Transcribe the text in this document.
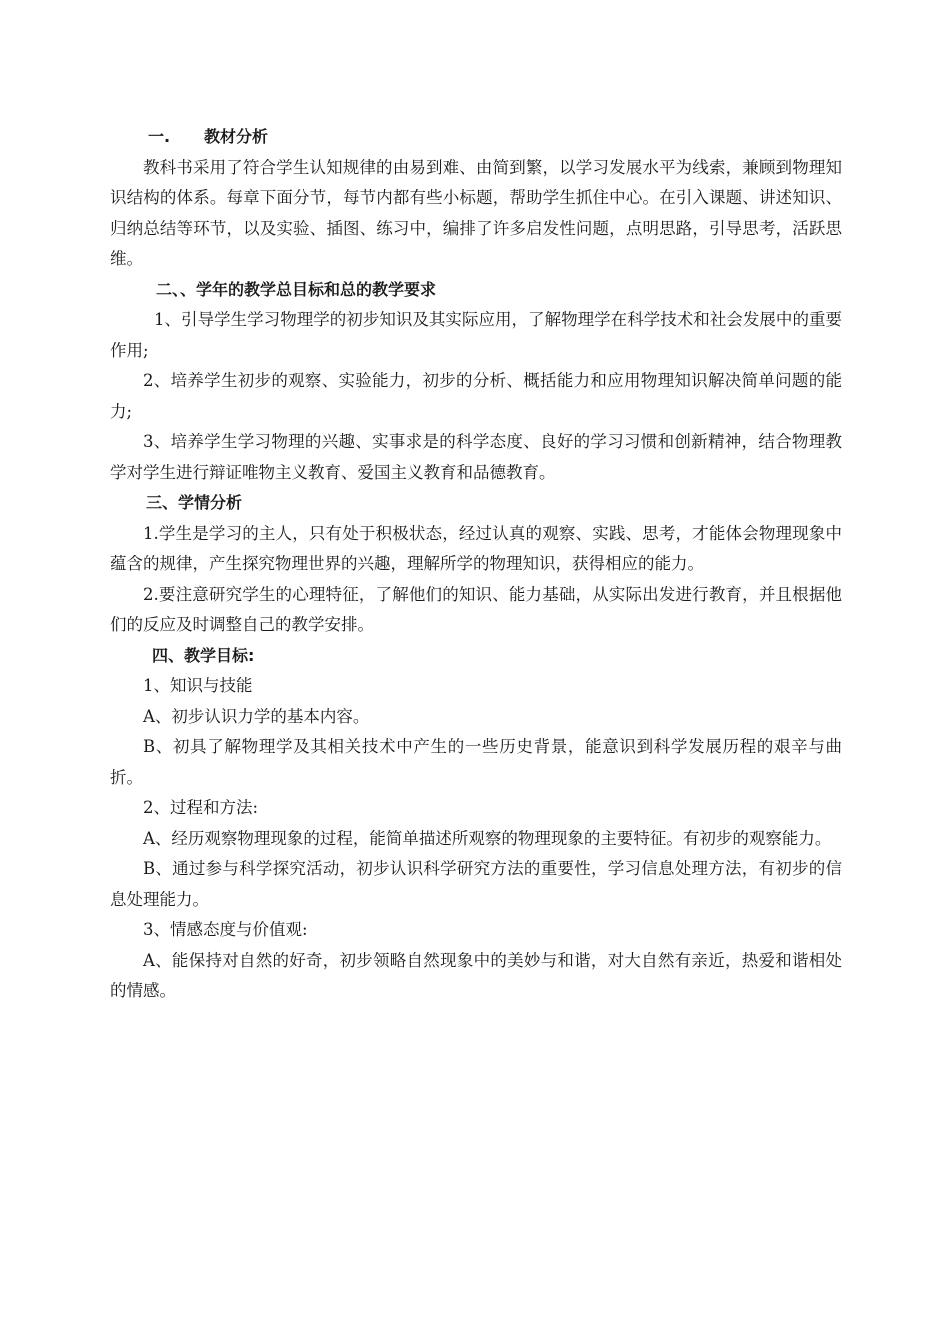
一. 教材分析

教科书采用了符合学生认知规律的由易到难、由简到繁，以学习发展水平为线索，兼顾到物理知识结构的体系。每章下面分节，每节内都有些小标题，帮助学生抓住中心。在引入课题、讲述知识、归纳总结等环节，以及实验、插图、练习中，编排了许多启发性问题，点明思路，引导思考，活跃思维。

二、、学年的教学总目标和总的教学要求

1、引导学生学习物理学的初步知识及其实际应用，了解物理学在科学技术和社会发展中的重要作用;

2、培养学生初步的观察、实验能力，初步的分析、概括能力和应用物理知识解决简单问题的能力;

3、培养学生学习物理的兴趣、实事求是的科学态度、良好的学习习惯和创新精神，结合物理教学对学生进行辩证唯物主义教育、爱国主义教育和品德教育。

三、学情分析

1.学生是学习的主人，只有处于积极状态，经过认真的观察、实践、思考，才能体会物理现象中蕴含的规律，产生探究物理世界的兴趣，理解所学的物理知识，获得相应的能力。

2.要注意研究学生的心理特征，了解他们的知识、能力基础，从实际出发进行教育，并且根据他们的反应及时调整自己的教学安排。

四、教学目标:

1、知识与技能

A、初步认识力学的基本内容。

B、初具了解物理学及其相关技术中产生的一些历史背景，能意识到科学发展历程的艰辛与曲折。

2、过程和方法:

A、经历观察物理现象的过程，能简单描述所观察的物理现象的主要特征。有初步的观察能力。

B、通过参与科学探究活动，初步认识科学研究方法的重要性，学习信息处理方法，有初步的信息处理能力。

3、情感态度与价值观:

A、能保持对自然的好奇，初步领略自然现象中的美妙与和谐，对大自然有亲近，热爱和谐相处的情感。
